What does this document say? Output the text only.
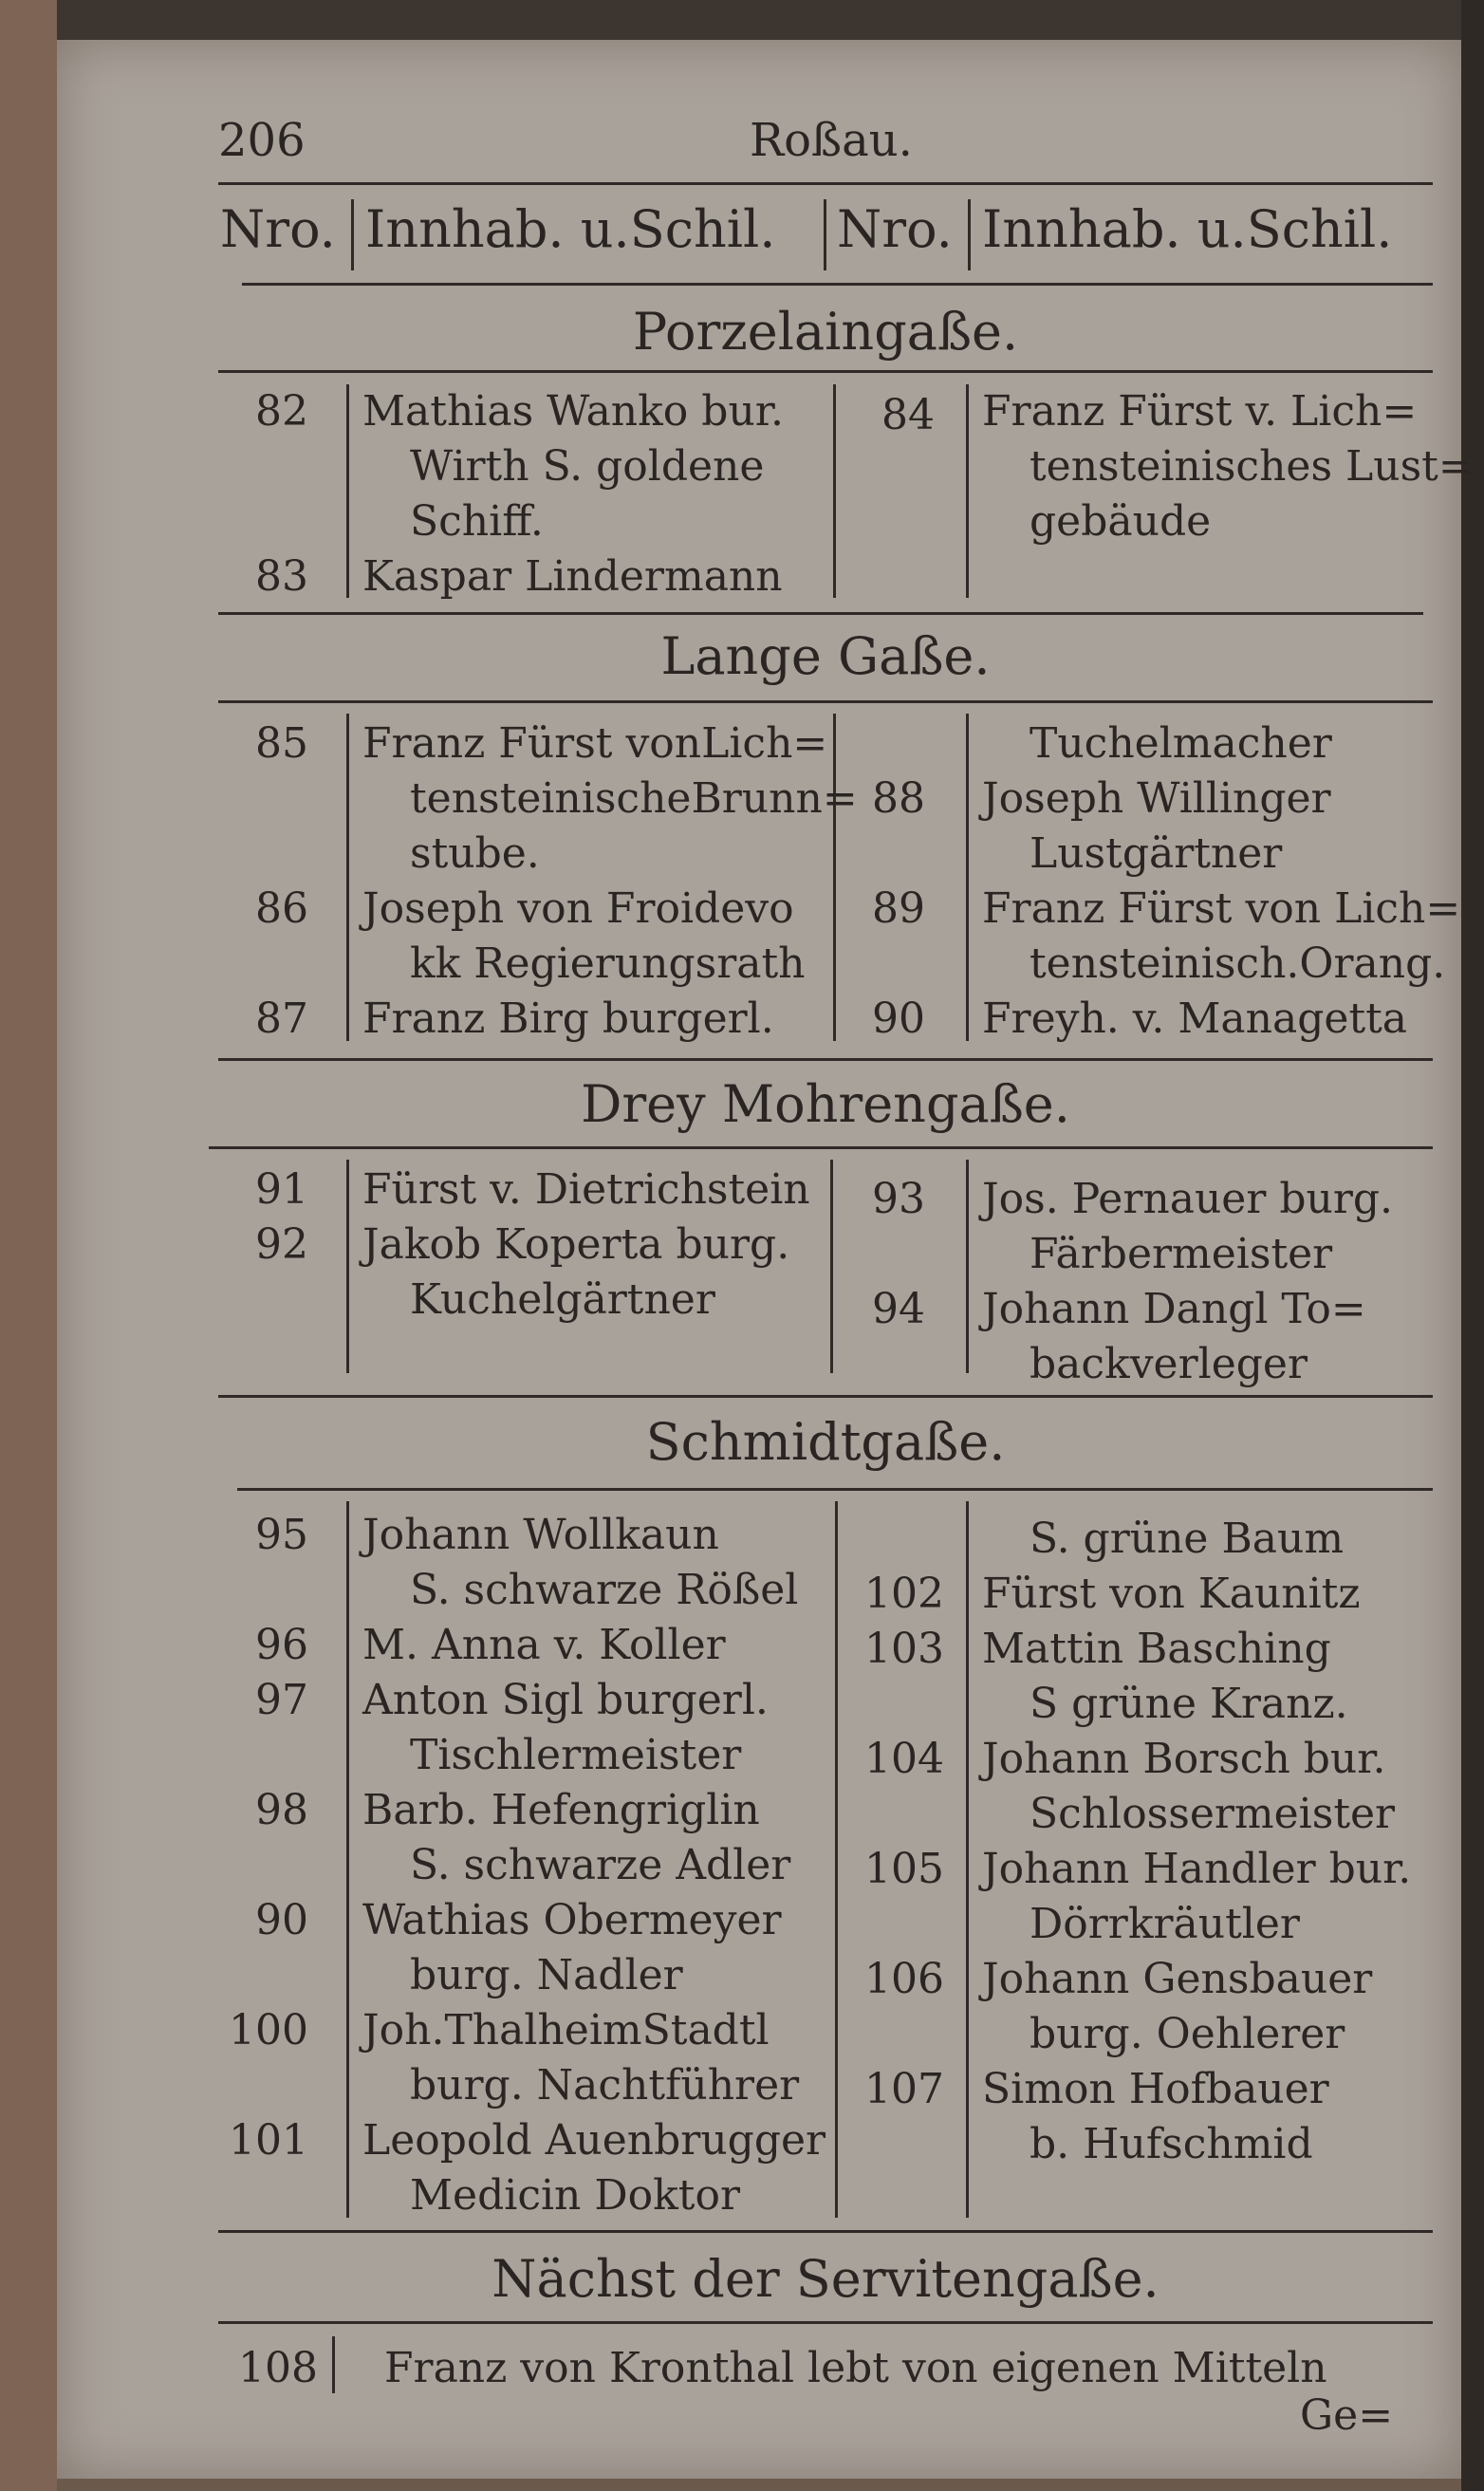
206	Roßau.
Nro. Innhab. u.Schil. Nro. Innhab. u.Schil.
Porzelaingaße.
82 Mathias Wanko bur.
Wirth S. goldene
Schiff.
83 Kaspar Lindermann
84 Franz Fürst v. Lich=
tensteinisches Lust=
gebäude
Lange Gaße.
85 Franz Fürst vonLich=
tensteinischeBrunn=
stube.
86 Joseph von Froidevo
kk Regierungsrath
87 Franz Birg burgerl.
Tuchelmacher
88 Joseph Willinger
Lustgärtner
89 Franz Fürst von Lich=
tensteinisch.Orang.
90 Freyh. v. Managetta
Drey Mohrengaße.
91 Fürst v. Dietrichstein
92 Jakob Koperta burg.
Kuchelgärtner
93 Jos. Pernauer burg.
Färbermeister
94 Johann Dangl To=
backverleger
Schmidtgaße.
95 Johann Wollkaun
S. schwarze Rößel
96 M. Anna v. Koller
97 Anton Sigl burgerl.
Tischlermeister
98 Barb. Hefengriglin
S. schwarze Adler
90 Wathias Obermeyer
burg. Nadler
100 Joh.ThalheimStadtl
burg. Nachtführer
101 Leopold Auenbrugger
Medicin Doktor
S. grüne Baum
102 Fürst von Kaunitz
103 Mattin Basching
S grüne Kranz.
104 Johann Borsch bur.
Schlossermeister
105 Johann Handler bur.
Dörrkräutler
106 Johann Gensbauer
burg. Oehlerer
107 Simon Hofbauer
b. Hufschmid
Nächst der Servitengaße.
108 Franz von Kronthal lebt von eigenen Mitteln
Ge=
